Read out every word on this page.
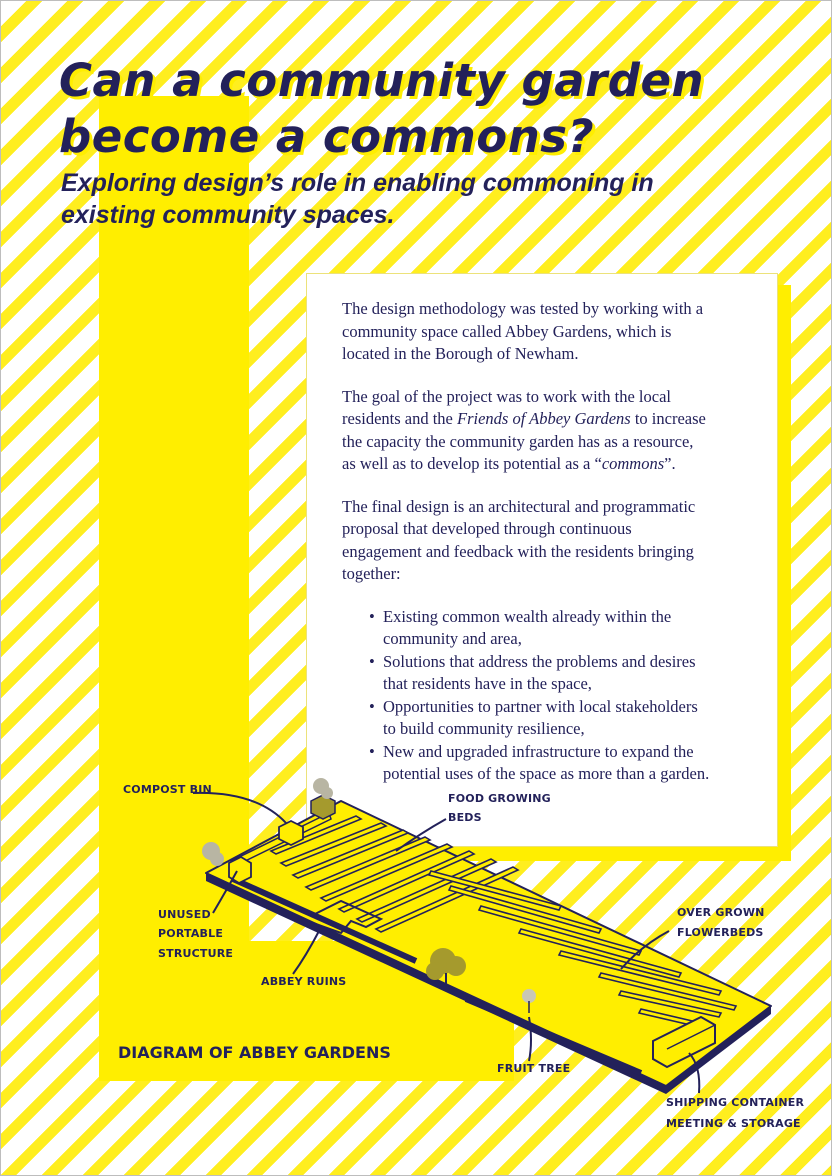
Can a community garden
become a commons?
Exploring design’s role in enabling commoning in
existing community spaces.

The design methodology was tested by working with a
community space called Abbey Gardens, which is
located in the Borough of Newham.

The goal of the project was to work with the local
residents and the Friends of Abbey Gardens to increase
the capacity the community garden has as a resource,
as well as to develop its potential as a “commons”.

The final design is an architectural and programmatic
proposal that developed through continuous
engagement and feedback with the residents bringing
together:

• Existing common wealth already within the
community and area,
• Solutions that address the problems and desires
that residents have in the space,
• Opportunities to partner with local stakeholders
to build community resilience,
• New and upgraded infrastructure to expand the
potential uses of the space as more than a garden.
COMPOST BIN
FOOD GROWING
BEDS
UNUSED
PORTABLE
STRUCTURE
ABBEY RUINS
OVER GROWN
FLOWERBEDS
FRUIT TREE
SHIPPING CONTAINER
MEETING & STORAGE
DIAGRAM OF ABBEY GARDENS
